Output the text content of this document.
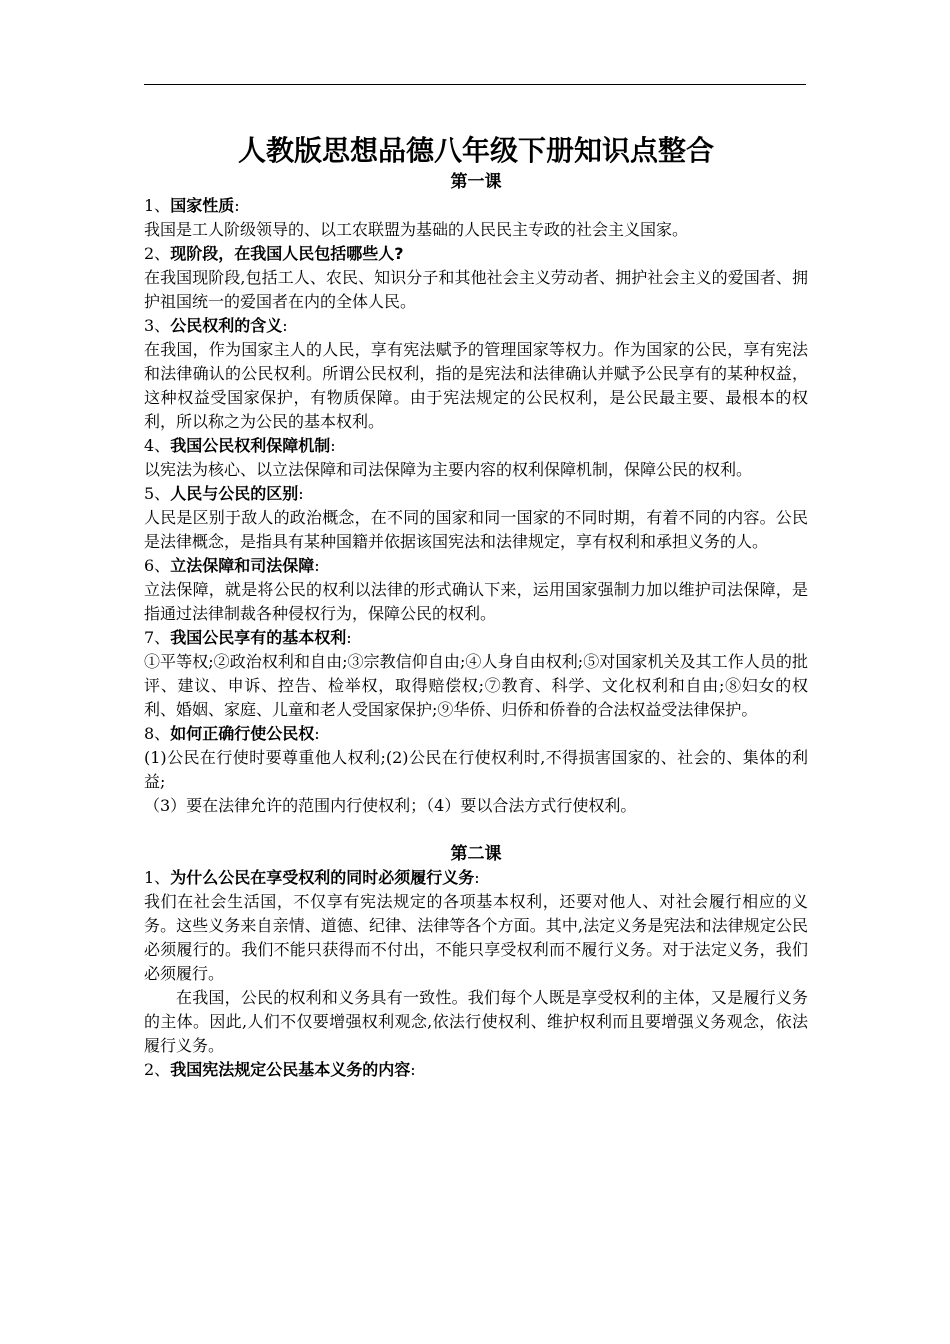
人教版思想品德八年级下册知识点整合
第一课
1、国家性质:

我国是工人阶级领导的、以工农联盟为基础的人民民主专政的社会主义国家。

2、现阶段，在我国人民包括哪些人?

在我国现阶段,包括工人、农民、知识分子和其他社会主义劳动者、拥护社会主义的爱国者、拥护祖国统一的爱国者在内的全体人民。

3、公民权利的含义:

在我国，作为国家主人的人民，享有宪法赋予的管理国家等权力。作为国家的公民，享有宪法和法律确认的公民权利。所谓公民权利，指的是宪法和法律确认并赋予公民享有的某种权益，这种权益受国家保护，有物质保障。由于宪法规定的公民权利，是公民最主要、最根本的权利，所以称之为公民的基本权利。

4、我国公民权利保障机制:

以宪法为核心、以立法保障和司法保障为主要内容的权利保障机制，保障公民的权利。

5、人民与公民的区别:

人民是区别于敌人的政治概念，在不同的国家和同一国家的不同时期，有着不同的内容。公民是法律概念，是指具有某种国籍并依据该国宪法和法律规定，享有权利和承担义务的人。

6、立法保障和司法保障:

立法保障，就是将公民的权利以法律的形式确认下来，运用国家强制力加以维护司法保障，是指通过法律制裁各种侵权行为，保障公民的权利。

7、我国公民享有的基本权利:

①平等权;②政治权利和自由;③宗教信仰自由;④人身自由权利;⑤对国家机关及其工作人员的批评、建议、申诉、控告、检举权，取得赔偿权;⑦教育、科学、文化权利和自由;⑧妇女的权利、婚姻、家庭、儿童和老人受国家保护;⑨华侨、归侨和侨眷的合法权益受法律保护。

8、如何正确行使公民权:

(1)公民在行使时要尊重他人权利;(2)公民在行使权利时,不得损害国家的、社会的、集体的利益;

（3）要在法律允许的范围内行使权利；（4）要以合法方式行使权利。

第二课
1、为什么公民在享受权利的同时必须履行义务:

我们在社会生活国，不仅享有宪法规定的各项基本权利，还要对他人、对社会履行相应的义务。这些义务来自亲情、道德、纪律、法律等各个方面。其中,法定义务是宪法和法律规定公民必须履行的。我们不能只获得而不付出，不能只享受权利而不履行义务。对于法定义务，我们必须履行。

在我国，公民的权利和义务具有一致性。我们每个人既是享受权利的主体，又是履行义务的主体。因此,人们不仅要增强权利观念,依法行使权利、维护权利而且要增强义务观念，依法履行义务。

2、我国宪法规定公民基本义务的内容:
